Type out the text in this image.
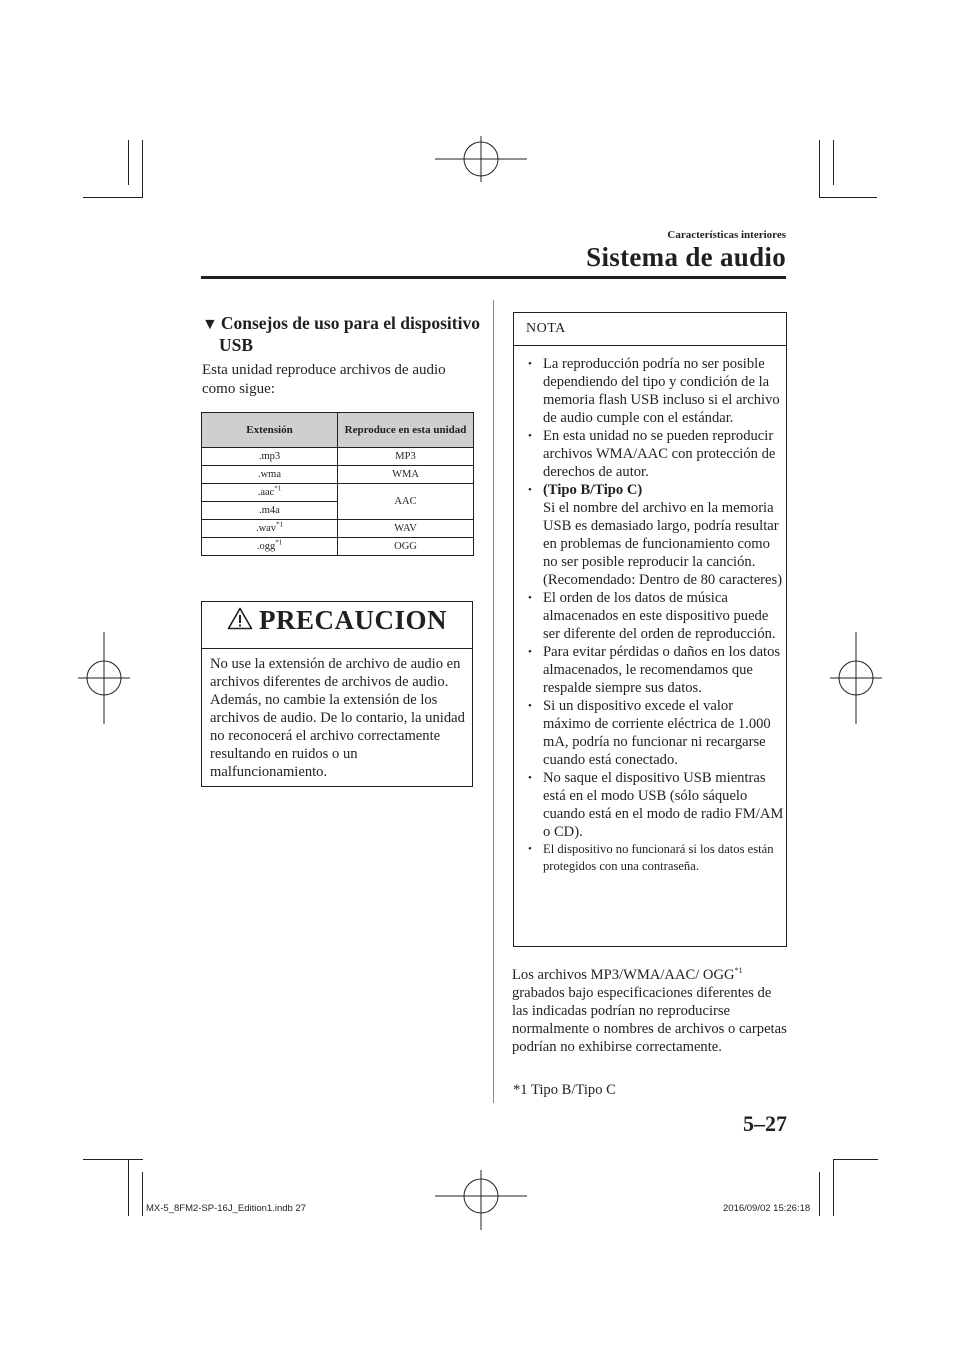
Características interiores
Sistema de audio
▼ Consejos de uso para el dispositivo
USB
Esta unidad reproduce archivos de audio como sigue:
Extensión	Reproduce en esta unidad
.mp3	MP3
.wma	WMA
.aac$^{*1}$	AAC
.m4a	
.wav$^{*1}$	WAV
.ogg$^{*1}$	OGG
PRECAUCION
No use la extensión de archivo de audio en archivos diferentes de archivos de audio. Además, no cambie la extensión de los archivos de audio. De lo contario, la unidad no reconocerá el archivo correctamente resultando en ruidos o un malfuncionamiento.
NOTA
• La reproducción podría no ser posible dependiendo del tipo y condición de la memoria flash USB incluso si el archivo de audio cumple con el estándar.
• En esta unidad no se pueden reproducir archivos WMA/AAC con protección de derechos de autor.
• (Tipo B/Tipo C)
Si el nombre del archivo en la memoria USB es demasiado largo, podría resultar en problemas de funcionamiento como no ser posible reproducir la canción. (Recomendado: Dentro de 80 caracteres)
• El orden de los datos de música almacenados en este dispositivo puede ser diferente del orden de reproducción.
• Para evitar pérdidas o daños en los datos almacenados, le recomendamos que respalde siempre sus datos.
• Si un dispositivo excede el valor máximo de corriente eléctrica de 1.000 mA, podría no funcionar ni recargarse cuando está conectado.
• No saque el dispositivo USB mientras está en el modo USB (sólo sáquelo cuando está en el modo de radio FM/AM o CD).
• El dispositivo no funcionará si los datos están protegidos con una contraseña.
Los archivos MP3/WMA/AAC/ OGG$^{*1}$ grabados bajo especificaciones diferentes de las indicadas podrían no reproducirse normalmente o nombres de archivos o carpetas podrían no exhibirse correctamente.
*1 Tipo B/Tipo C
5–27
MX-5_8FM2-SP-16J_Edition1.indb 27	2016/09/02 15:26:18
